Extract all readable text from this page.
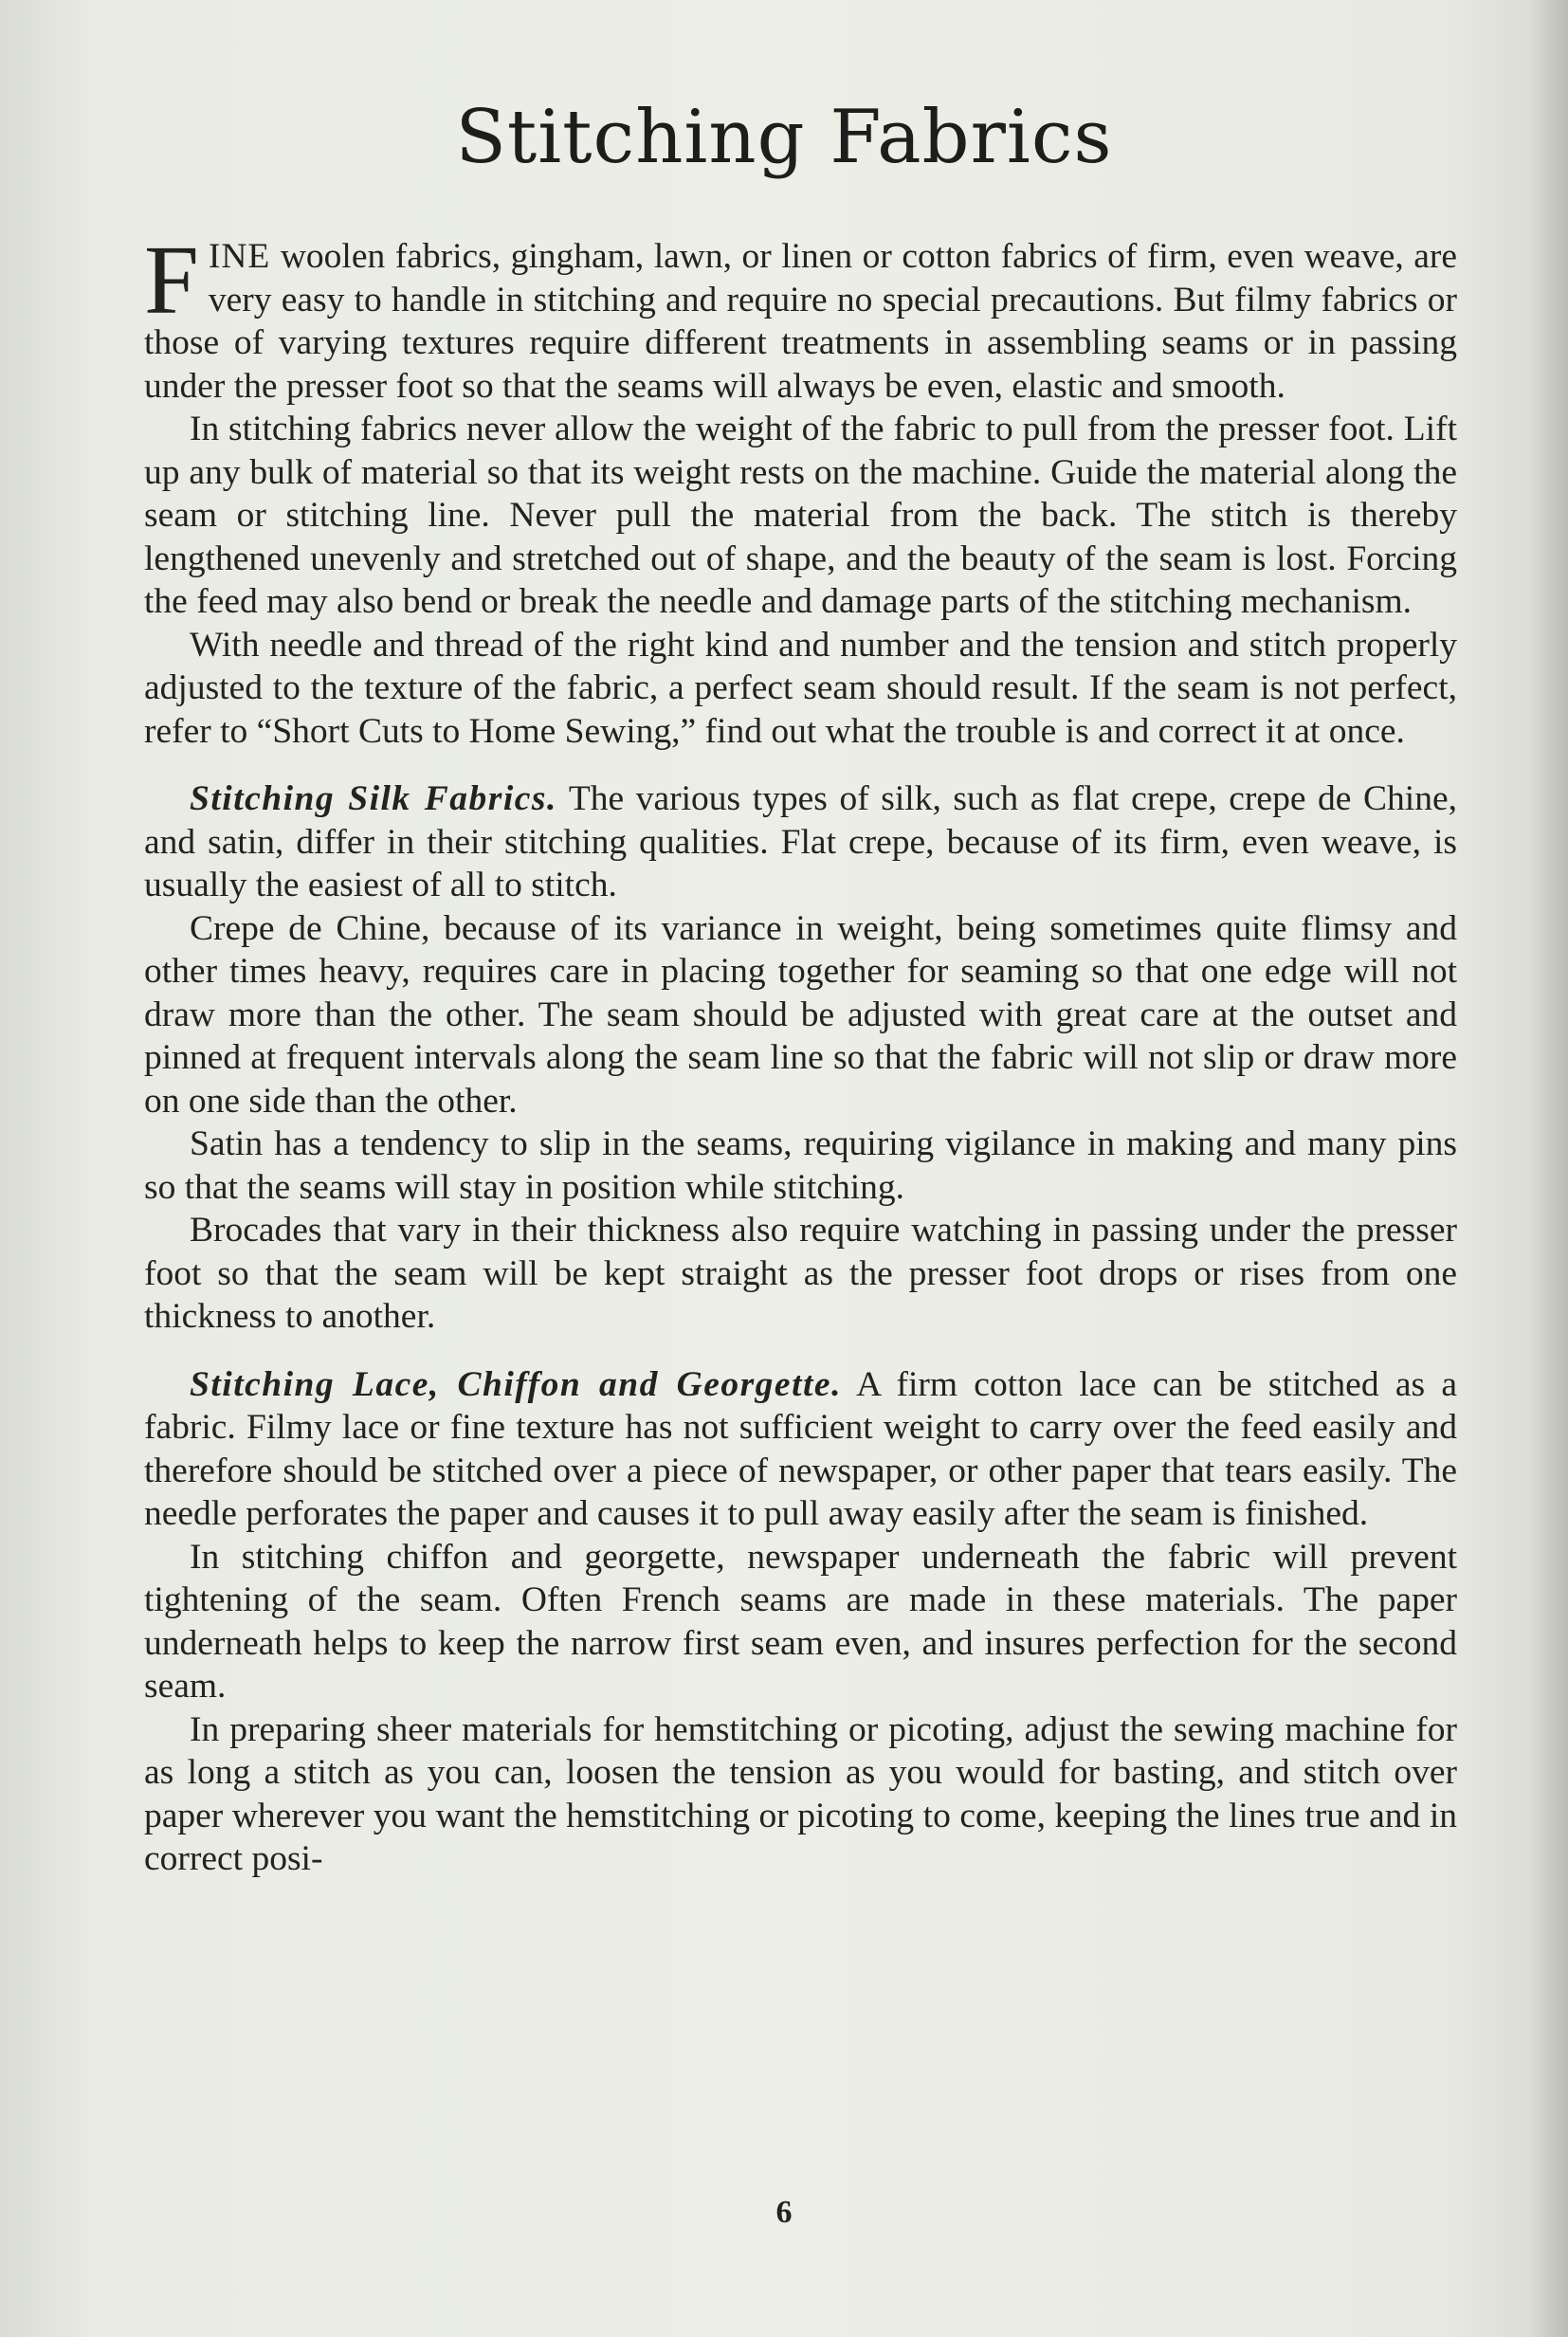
Stitching Fabrics

FINE woolen fabrics, gingham, lawn, or linen or cotton fabrics of firm, even weave, are very easy to handle in stitching and require no special precautions. But filmy fabrics or those of varying textures require different treatments in assembling seams or in passing under the presser foot so that the seams will always be even, elastic and smooth.

In stitching fabrics never allow the weight of the fabric to pull from the presser foot. Lift up any bulk of material so that its weight rests on the machine. Guide the material along the seam or stitching line. Never pull the material from the back. The stitch is thereby lengthened unevenly and stretched out of shape, and the beauty of the seam is lost. Forcing the feed may also bend or break the needle and damage parts of the stitching mechanism.

With needle and thread of the right kind and number and the tension and stitch properly adjusted to the texture of the fabric, a perfect seam should result. If the seam is not perfect, refer to “Short Cuts to Home Sewing,” find out what the trouble is and correct it at once.

Stitching Silk Fabrics. The various types of silk, such as flat crepe, crepe de Chine, and satin, differ in their stitching qualities. Flat crepe, because of its firm, even weave, is usually the easiest of all to stitch.

Crepe de Chine, because of its variance in weight, being sometimes quite flimsy and other times heavy, requires care in placing together for seaming so that one edge will not draw more than the other. The seam should be adjusted with great care at the outset and pinned at frequent intervals along the seam line so that the fabric will not slip or draw more on one side than the other.

Satin has a tendency to slip in the seams, requiring vigilance in making and many pins so that the seams will stay in position while stitching.

Brocades that vary in their thickness also require watching in passing under the presser foot so that the seam will be kept straight as the presser foot drops or rises from one thickness to another.

Stitching Lace, Chiffon and Georgette. A firm cotton lace can be stitched as a fabric. Filmy lace or fine texture has not sufficient weight to carry over the feed easily and therefore should be stitched over a piece of newspaper, or other paper that tears easily. The needle perforates the paper and causes it to pull away easily after the seam is finished.

In stitching chiffon and georgette, newspaper underneath the fabric will prevent tightening of the seam. Often French seams are made in these materials. The paper underneath helps to keep the narrow first seam even, and insures perfection for the second seam.

In preparing sheer materials for hemstitching or picoting, adjust the sewing machine for as long a stitch as you can, loosen the tension as you would for basting, and stitch over paper wherever you want the hemstitching or picoting to come, keeping the lines true and in correct posi-

6
